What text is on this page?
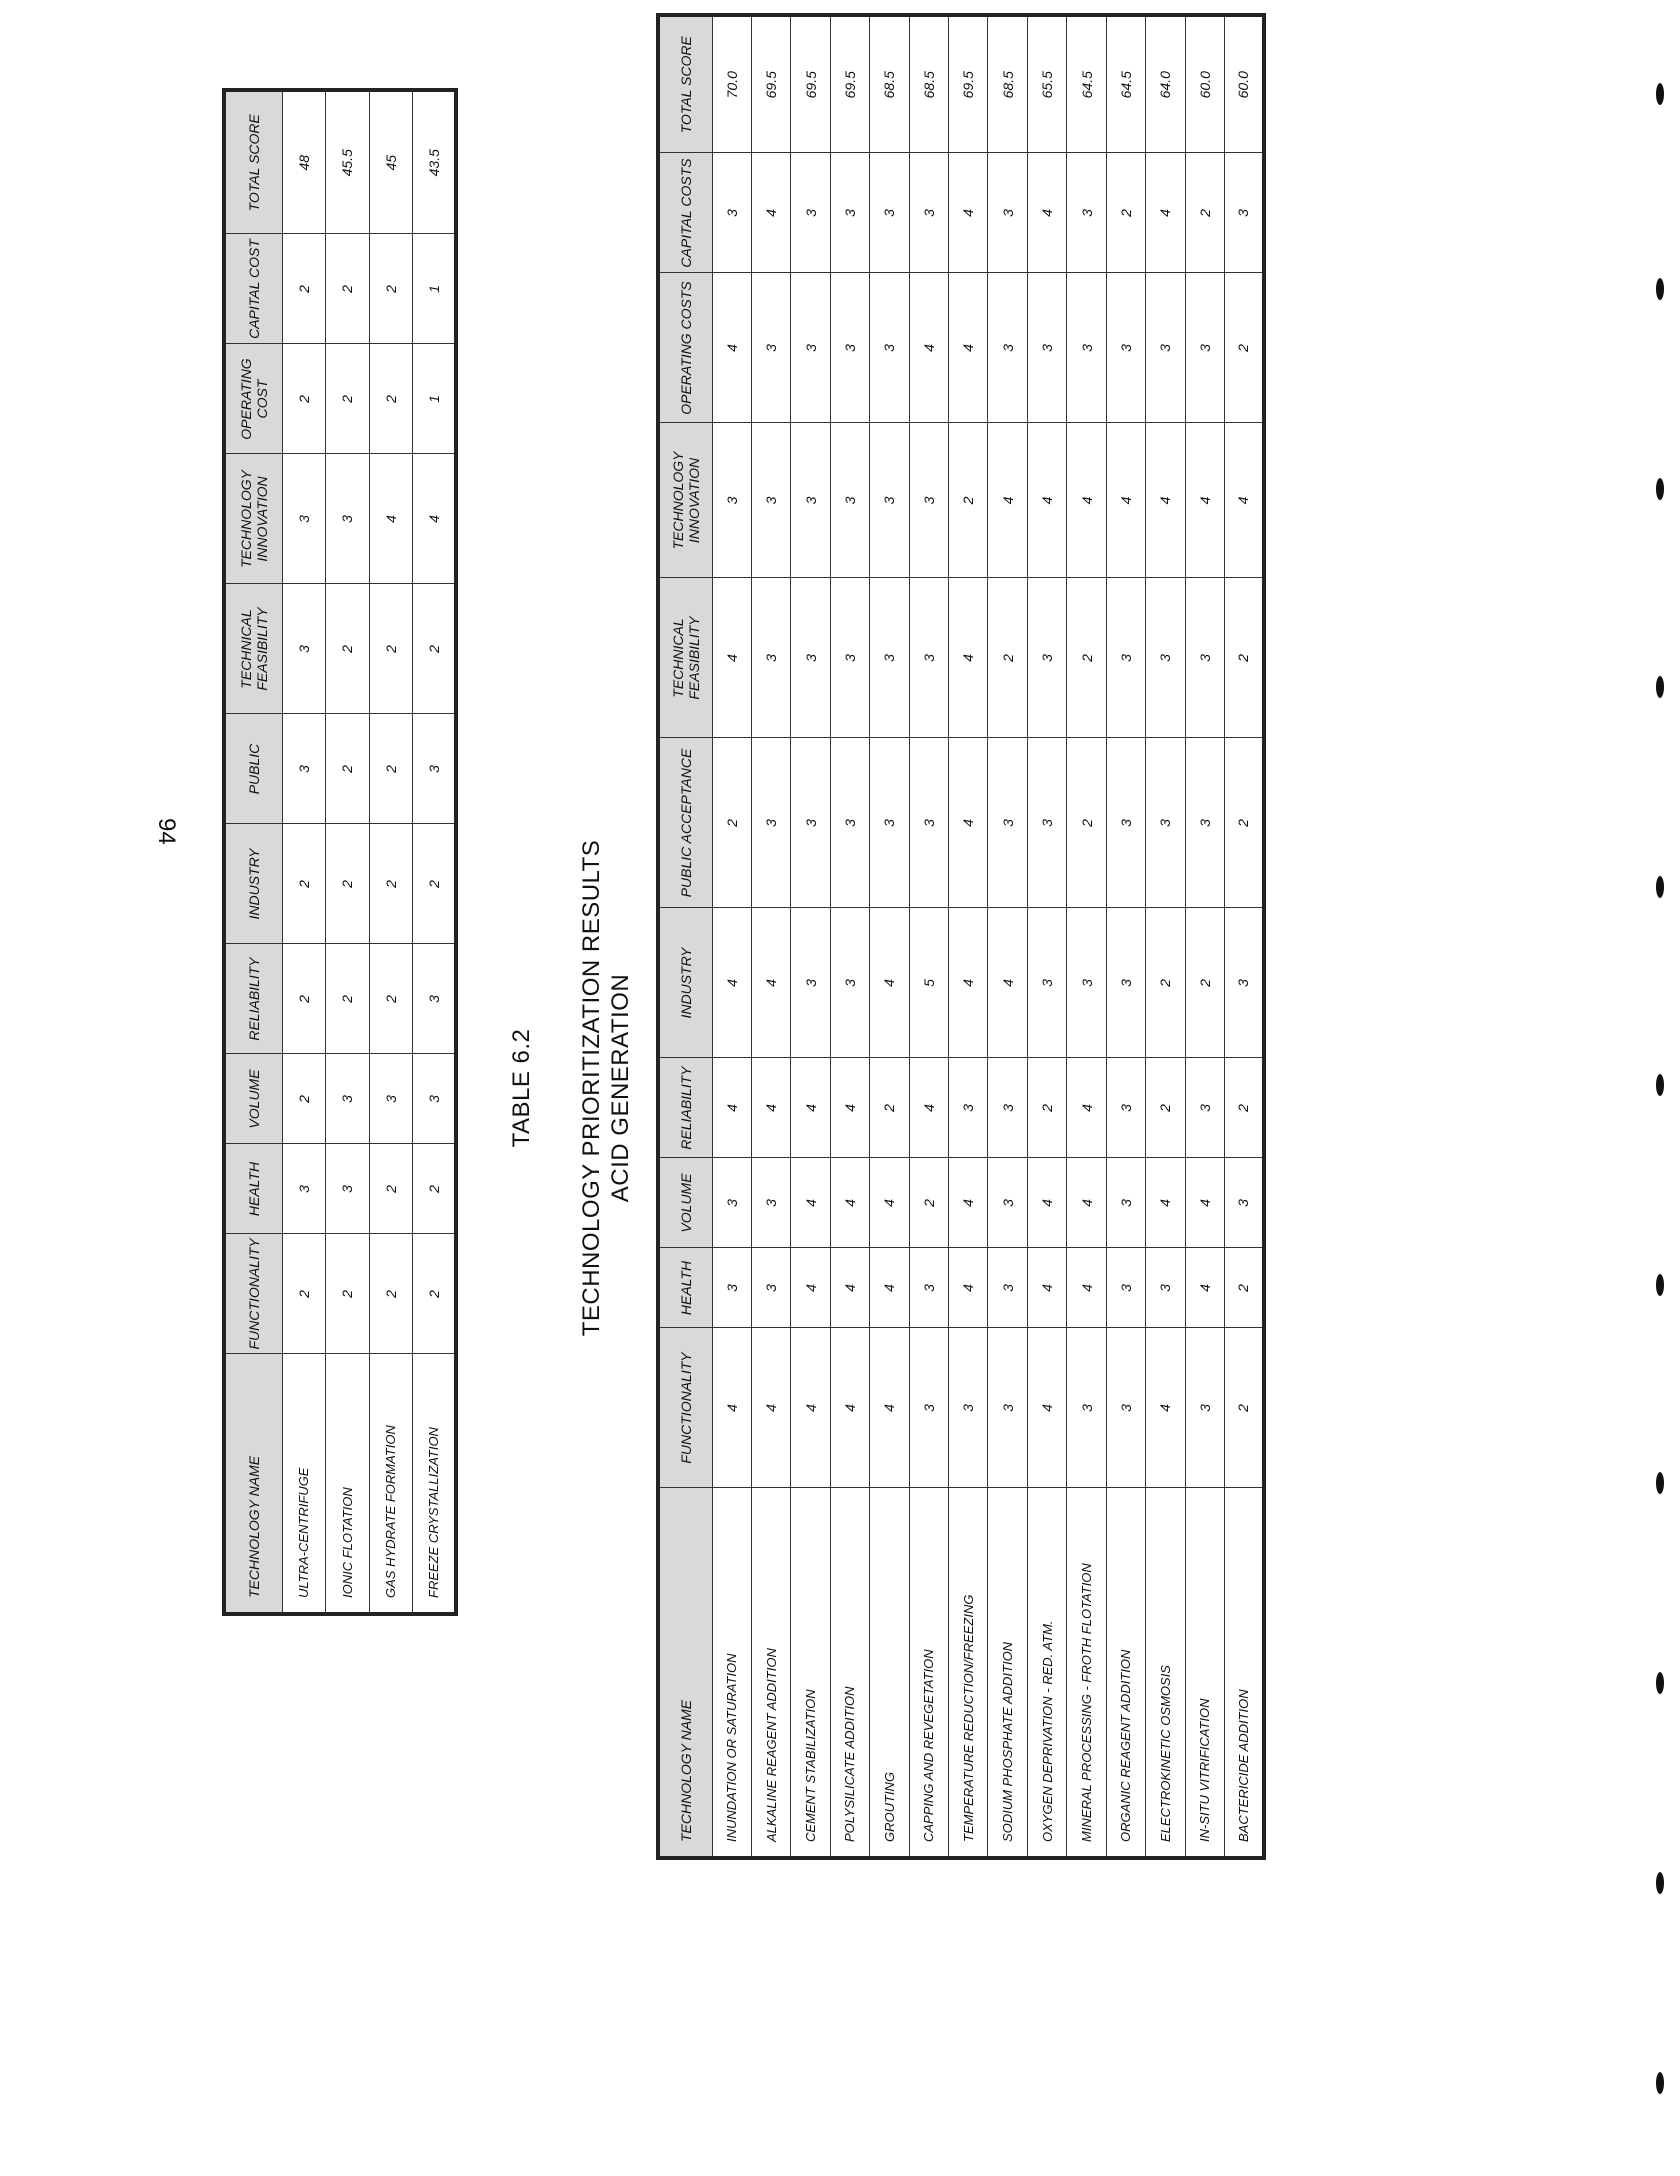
TECHNOLOGY NAME	FUNCTIONALITY	HEALTH	VOLUME	RELIABILITY	INDUSTRY	PUBLIC	TECHNICAL FEASIBILITY	TECHNOLOGY INNOVATION	OPERATING COST	CAPITAL COST	TOTAL SCORE
ULTRA-CENTRIFUGE	2	3	2	2	2	3	3	3	2	2	48
IONIC FLOTATION	2	3	3	2	2	2	2	3	2	2	45.5
GAS HYDRATE FORMATION	2	2	3	2	2	2	2	4	2	2	45
FREEZE CRYSTALLIZATION	2	2	3	3	2	3	2	4	1	1	43.5
TABLE 6.2 TECHNOLOGY PRIORITIZATION RESULTS ACID GENERATION
TECHNOLOGY NAME	FUNCTIONALITY	HEALTH	VOLUME	RELIABILITY	INDUSTRY	PUBLIC ACCEPTANCE	TECHNICAL FEASIBILITY	TECHNOLOGY INNOVATION	OPERATING COSTS	CAPITAL COSTS	TOTAL SCORE
INUNDATION OR SATURATION	4	3	3	4	4	2	4	3	4	3	70.0
ALKALINE REAGENT ADDITION	4	3	3	4	4	3	3	3	3	4	69.5
CEMENT STABILIZATION	4	4	4	4	3	3	3	3	3	3	69.5
POLYSILICATE ADDITION	4	4	4	4	3	3	3	3	3	3	69.5
GROUTING	4	4	4	2	4	3	3	3	3	3	68.5
CAPPING AND REVEGETATION	3	3	2	4	5	3	3	3	4	3	68.5
TEMPERATURE REDUCTION/FREEZING	3	4	4	3	4	4	4	2	4	4	69.5
SODIUM PHOSPHATE ADDITION	3	3	3	3	4	3	2	4	3	3	68.5
OXYGEN DEPRIVATION - RED. ATM.	4	4	4	2	3	3	3	4	3	4	65.5
MINERAL PROCESSING - FROTH FLOTATION	3	4	4	4	3	2	2	4	3	3	64.5
ORGANIC REAGENT ADDITION	3	3	3	3	3	3	3	4	3	2	64.5
ELECTROKINETIC OSMOSIS	4	3	4	2	2	3	3	4	3	4	64.0
IN-SITU VITRIFICATION	3	4	4	3	2	3	3	4	3	2	60.0
BACTERICIDE ADDITION	2	2	3	2	3	2	2	4	2	3	60.0
94
